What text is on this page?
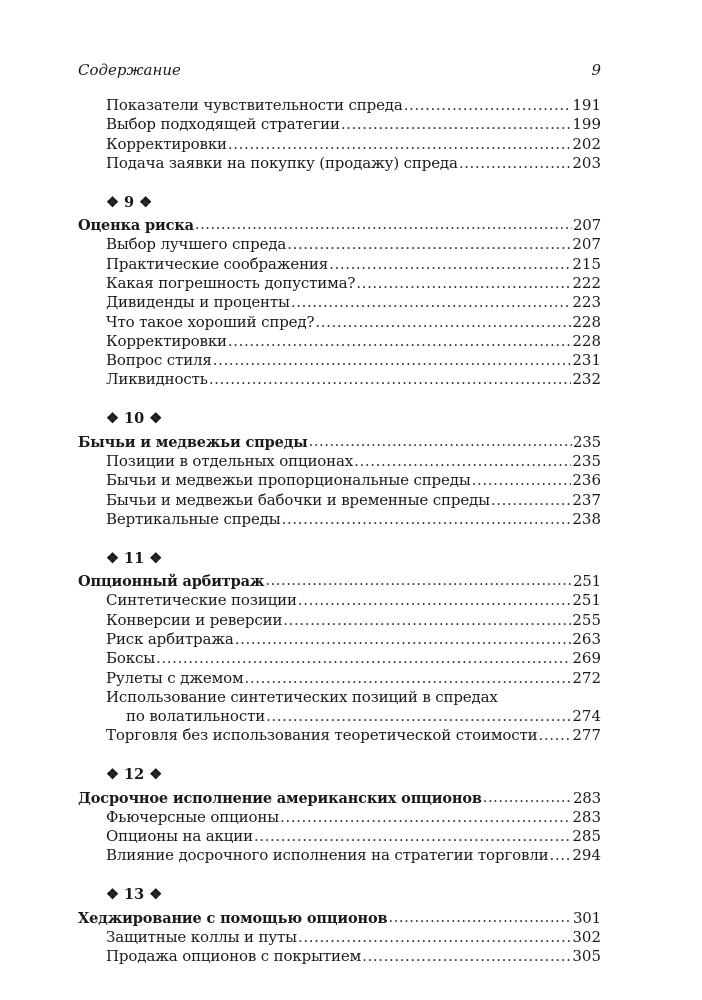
Содержание	9
Показатели чувствительности спреда .....	191
Выбор подходящей стратегии .....	199
Корректировки .....	202
Подача заявки на покупку (продажу) спреда .....	203
❖ 9 ❖
Оценка риска .....	207
Выбор лучшего спреда .....	207
Практические соображения .....	215
Какая погрешность допустима? .....	222
Дивиденды и проценты .....	223
Что такое хороший спред? .....	228
Корректировки .....	228
Вопрос стиля .....	231
Ликвидность .....	232
❖ 10 ❖
Бычьи и медвежьи спреды .....	235
Позиции в отдельных опционах .....	235
Бычьи и медвежьи пропорциональные спреды .....	236
Бычьи и медвежьи бабочки и временные спреды .....	237
Вертикальные спреды .....	238
❖ 11 ❖
Опционный арбитраж .....	251
Синтетические позиции .....	251
Конверсии и реверсии .....	255
Риск арбитража .....	263
Боксы .....	269
Рулеты с джемом .....	272
Использование синтетических позиций в спредах
по волатильности .....	274
Торговля без использования теоретической стоимости ..... 277
❖ 12 ❖
Досрочное исполнение американских опционов .....	283
Фьючерсные опционы .....	283
Опционы на акции .....	285
Влияние досрочного исполнения на стратегии торговли ..... 294
❖ 13 ❖
Хеджирование с помощью опционов .....	301
Защитные коллы и путы .....	302
Продажа опционов с покрытием .....	305
